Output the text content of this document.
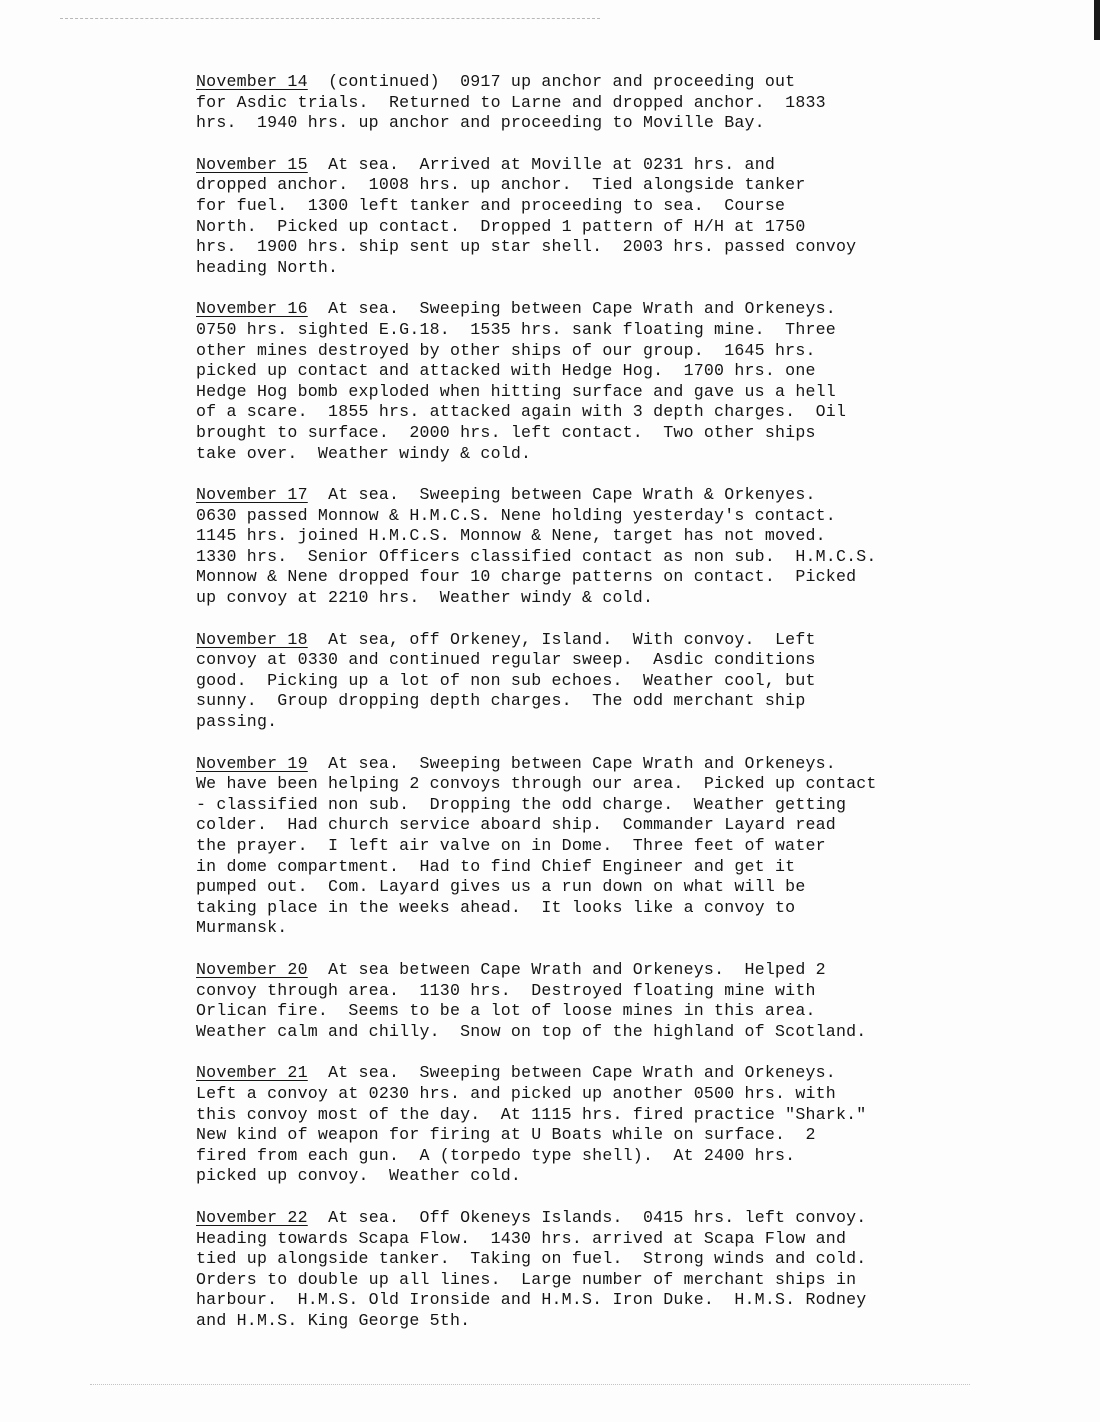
November 14  (continued)  0917 up anchor and proceeding out
for Asdic trials.  Returned to Larne and dropped anchor.  1833
hrs.  1940 hrs. up anchor and proceeding to Moville Bay.
November 15  At sea.  Arrived at Moville at 0231 hrs. and
dropped anchor.  1008 hrs. up anchor.  Tied alongside tanker
for fuel.  1300 left tanker and proceeding to sea.  Course
North.  Picked up contact.  Dropped 1 pattern of H/H at 1750
hrs.  1900 hrs. ship sent up star shell.  2003 hrs. passed convoy
heading North.
November 16  At sea.  Sweeping between Cape Wrath and Orkeneys.
0750 hrs. sighted E.G.18.  1535 hrs. sank floating mine.  Three
other mines destroyed by other ships of our group.  1645 hrs.
picked up contact and attacked with Hedge Hog.  1700 hrs. one
Hedge Hog bomb exploded when hitting surface and gave us a hell
of a scare.  1855 hrs. attacked again with 3 depth charges.  Oil
brought to surface.  2000 hrs. left contact.  Two other ships
take over.  Weather windy & cold.
November 17  At sea.  Sweeping between Cape Wrath & Orkenyes.
0630 passed Monnow & H.M.C.S. Nene holding yesterday's contact.
1145 hrs. joined H.M.C.S. Monnow & Nene, target has not moved.
1330 hrs.  Senior Officers classified contact as non sub.  H.M.C.S.
Monnow & Nene dropped four 10 charge patterns on contact.  Picked
up convoy at 2210 hrs.  Weather windy & cold.
November 18  At sea, off Orkeney, Island.  With convoy.  Left
convoy at 0330 and continued regular sweep.  Asdic conditions
good.  Picking up a lot of non sub echoes.  Weather cool, but
sunny.  Group dropping depth charges.  The odd merchant ship
passing.
November 19  At sea.  Sweeping between Cape Wrath and Orkeneys.
We have been helping 2 convoys through our area.  Picked up contact
- classified non sub.  Dropping the odd charge.  Weather getting
colder.  Had church service aboard ship.  Commander Layard read
the prayer.  I left air valve on in Dome.  Three feet of water
in dome compartment.  Had to find Chief Engineer and get it
pumped out.  Com. Layard gives us a run down on what will be
taking place in the weeks ahead.  It looks like a convoy to
Murmansk.
November 20  At sea between Cape Wrath and Orkeneys.  Helped 2
convoy through area.  1130 hrs.  Destroyed floating mine with
Orlican fire.  Seems to be a lot of loose mines in this area.
Weather calm and chilly.  Snow on top of the highland of Scotland.
November 21  At sea.  Sweeping between Cape Wrath and Orkeneys.
Left a convoy at 0230 hrs. and picked up another 0500 hrs. with
this convoy most of the day.  At 1115 hrs. fired practice "Shark."
New kind of weapon for firing at U Boats while on surface.  2
fired from each gun.  A (torpedo type shell).  At 2400 hrs.
picked up convoy.  Weather cold.
November 22  At sea.  Off Okeneys Islands.  0415 hrs. left convoy.
Heading towards Scapa Flow.  1430 hrs. arrived at Scapa Flow and
tied up alongside tanker.  Taking on fuel.  Strong winds and cold.
Orders to double up all lines.  Large number of merchant ships in
harbour.  H.M.S. Old Ironside and H.M.S. Iron Duke.  H.M.S. Rodney
and H.M.S. King George 5th.
